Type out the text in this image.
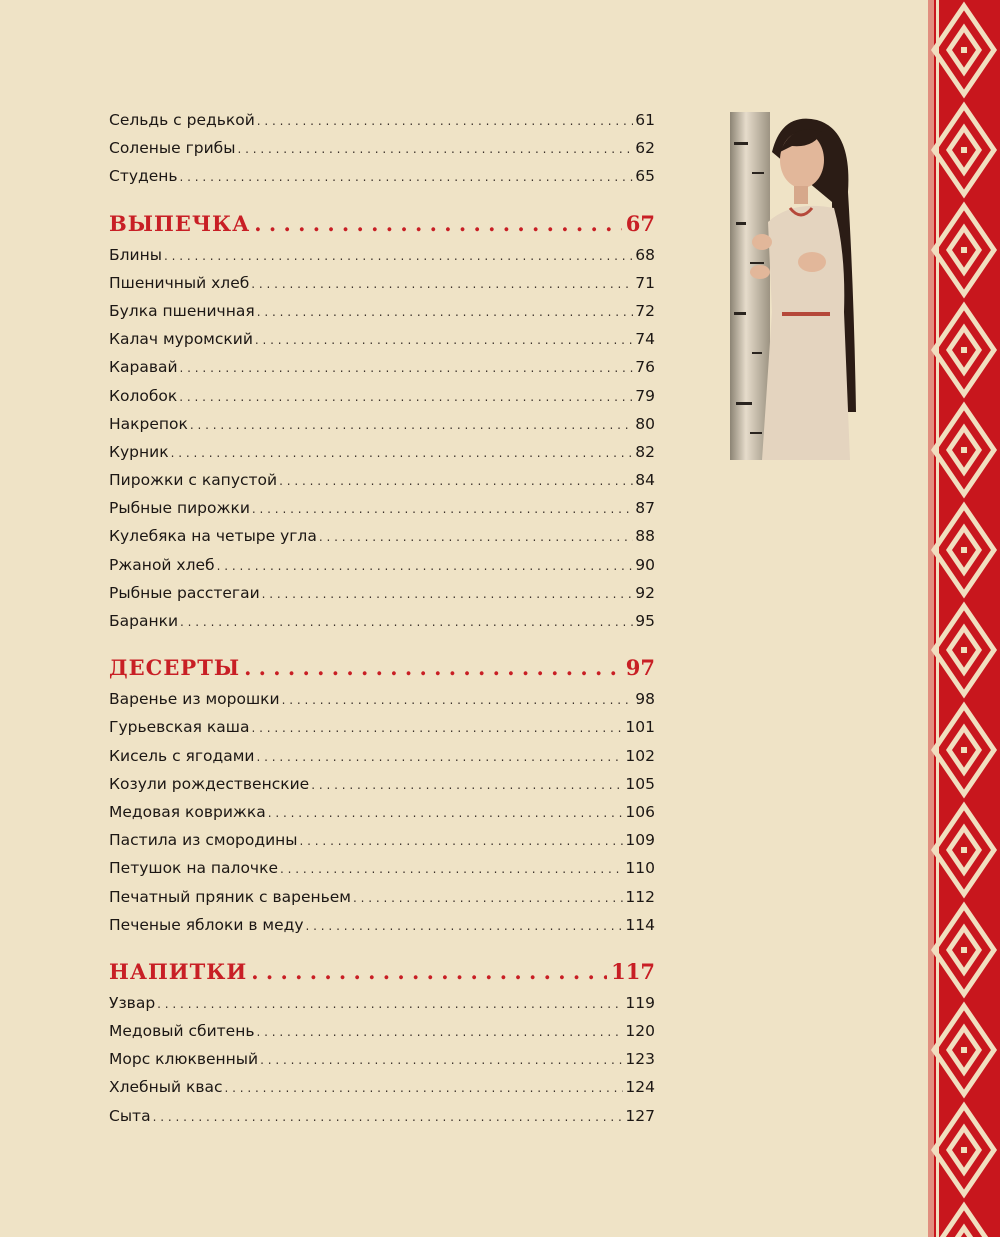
Сельдь с редькой . . .	61
Соленые грибы . . .	62
Студень . . .	65
ВЫПЕЧКА . . .	67
Блины . . .	68
Пшеничный хлеб . . .	71
Булка пшеничная . . .	72
Калач муромский . . .	74
Каравай . . .	76
Колобок . . .	79
Накрепок . . .	80
Курник . . .	82
Пирожки с капустой . . .	84
Рыбные пирожки . . .	87
Кулебяка на четыре угла . . .	88
Ржаной хлеб . . .	90
Рыбные расстегаи . . .	92
Баранки . . .	95
ДЕСЕРТЫ . . .	97
Варенье из морошки . . .	98
Гурьевская каша . . .	101
Кисель с ягодами . . .	102
Козули рождественские . . .	105
Медовая коврижка . . .	106
Пастила из смородины . . .	109
Петушок на палочке . . .	110
Печатный пряник с вареньем . . .	112
Печеные яблоки в меду . . .	114
НАПИТКИ . . .	117
Узвар . . .	119
Медовый сбитень . . .	120
Морс клюквенный . . .	123
Хлебный квас . . .	124
Сыта . . .	127
